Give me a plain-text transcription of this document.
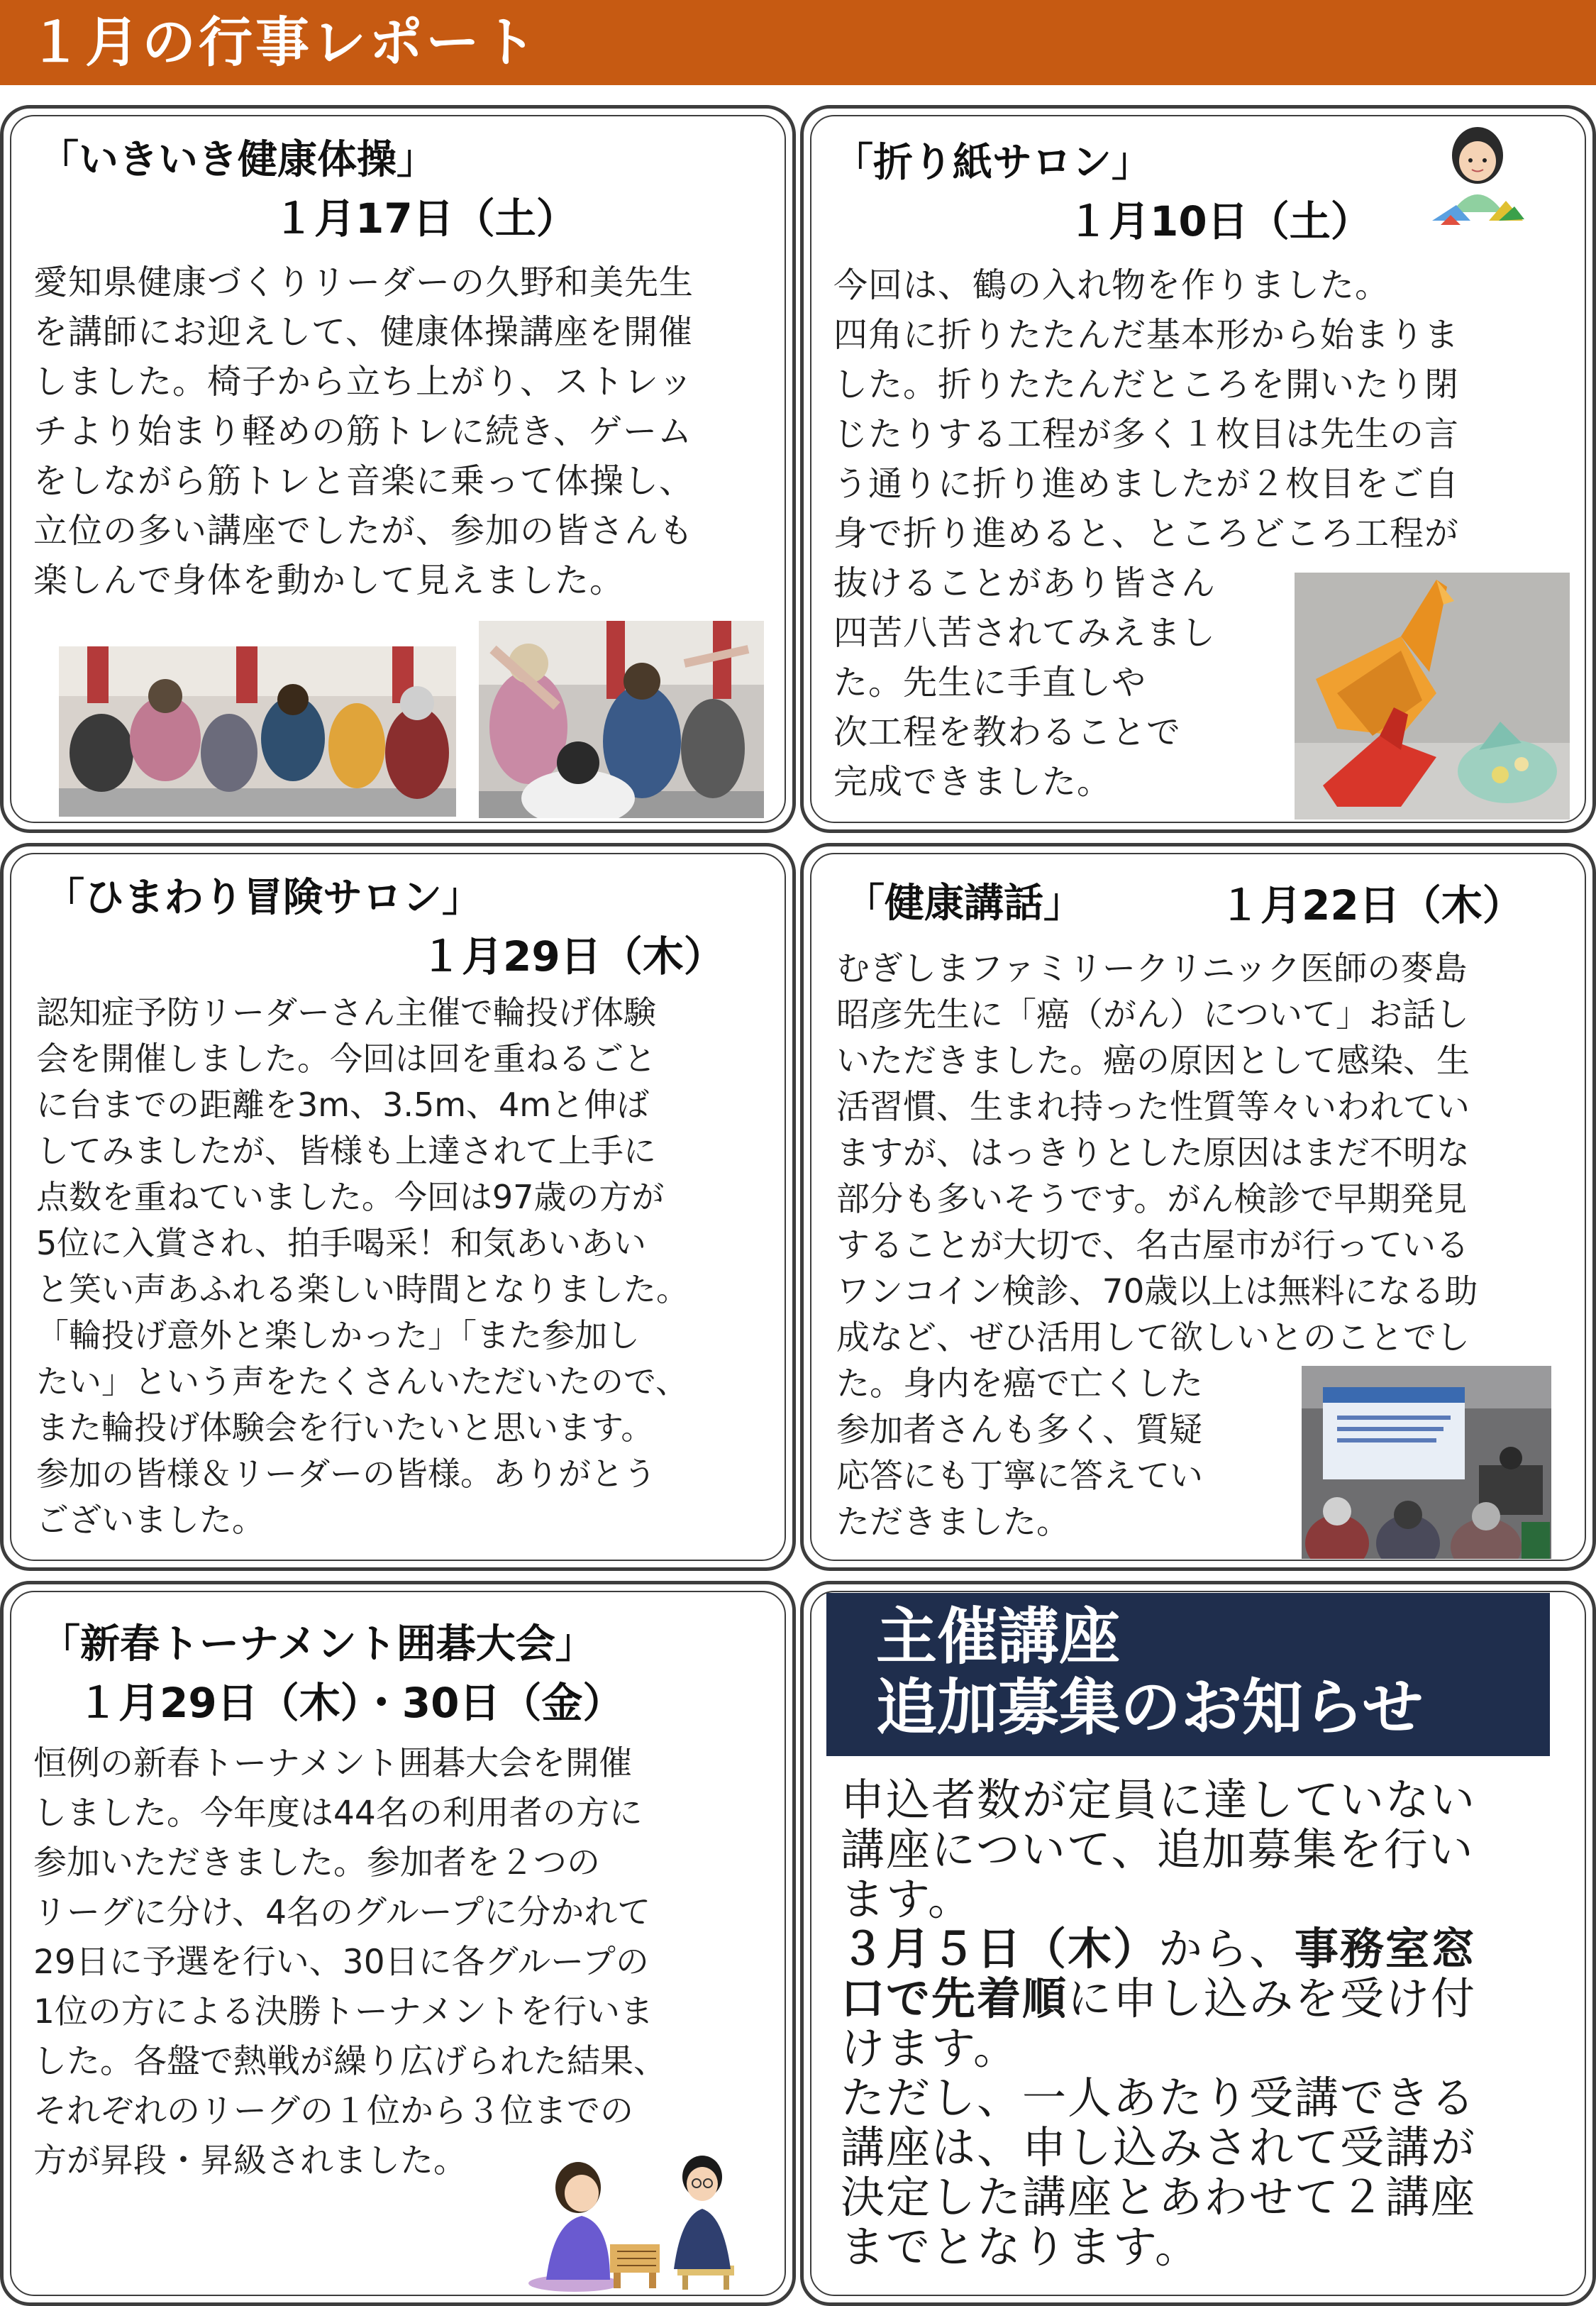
１月の行事レポート
「いきいき健康体操」
１月17日（土）
愛知県健康づくりリーダーの久野和美先生
を講師にお迎えして、健康体操講座を開催
しました。椅子から立ち上がり、ストレッ
チより始まり軽めの筋トレに続き、ゲーム
をしながら筋トレと音楽に乗って体操し、
立位の多い講座でしたが、参加の皆さんも
楽しんで身体を動かして見えました。
「折り紙サロン」
１月10日（土）
今回は、鶴の入れ物を作りました。
四角に折りたたんだ基本形から始まりま
した。折りたたんだところを開いたり閉
じたりする工程が多く１枚目は先生の言
う通りに折り進めましたが２枚目をご自
身で折り進めると、ところどころ工程が
抜けることがあり皆さん
四苦八苦されてみえまし
た。先生に手直しや
次工程を教わることで
完成できました。
「ひまわり冒険サロン」
１月29日（木）
認知症予防リーダーさん主催で輪投げ体験
会を開催しました。今回は回を重ねるごと
に台までの距離を3m、3.5m、4mと伸ば
してみましたが、皆様も上達されて上手に
点数を重ねていました。今回は97歳の方が
5位に入賞され、拍手喝采！和気あいあい
と笑い声あふれる楽しい時間となりました。
「輪投げ意外と楽しかった」「また参加し
たい」という声をたくさんいただいたので、
また輪投げ体験会を行いたいと思います。
参加の皆様＆リーダーの皆様。ありがとう
ございました。
「健康講話」	１月22日（木）
むぎしまファミリークリニック医師の麥島
昭彦先生に「癌（がん）について」お話し
いただきました。癌の原因として感染、生
活習慣、生まれ持った性質等々いわれてい
ますが、はっきりとした原因はまだ不明な
部分も多いそうです。がん検診で早期発見
することが大切で、名古屋市が行っている
ワンコイン検診、70歳以上は無料になる助
成など、ぜひ活用して欲しいとのことでし
た。身内を癌で亡くした
参加者さんも多く、質疑
応答にも丁寧に答えてい
ただきました。
「新春トーナメント囲碁大会」
１月29日（木）・30日（金）
恒例の新春トーナメント囲碁大会を開催
しました。今年度は44名の利用者の方に
参加いただきました。参加者を２つの
リーグに分け、4名のグループに分かれて
29日に予選を行い、30日に各グループの
1位の方による決勝トーナメントを行いま
した。各盤で熱戦が繰り広げられた結果、
それぞれのリーグの１位から３位までの
方が昇段・昇級されました。
主催講座
追加募集のお知らせ
申込者数が定員に達していない
講座について、追加募集を行い
ます。
３月５日（木）から、事務室窓
口で先着順に申し込みを受け付
けます。
ただし、一人あたり受講できる
講座は、申し込みされて受講が
決定した講座とあわせて２講座
までとなります。
